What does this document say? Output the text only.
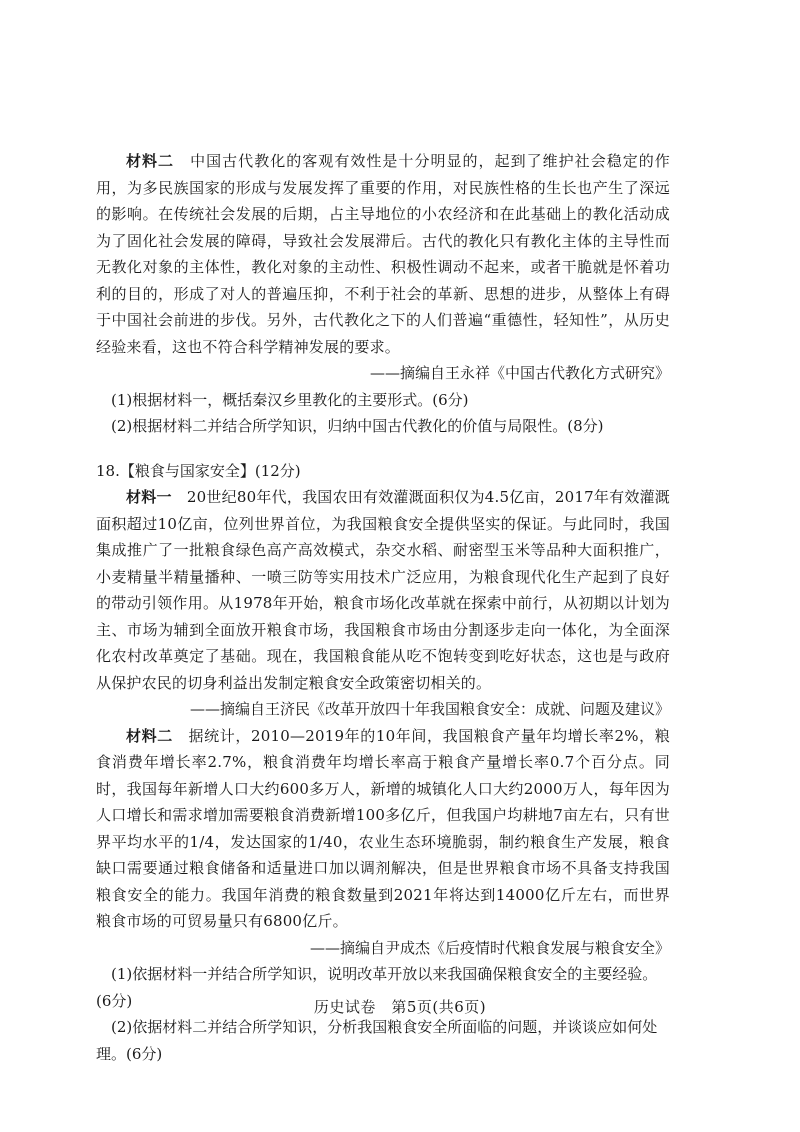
材料二　 中国古代教化的客观有效性是十分明显的，起到了维护社会稳定的作用，为多民族国家的形成与发展发挥了重要的作用，对民族性格的生长也产生了深远的影响。在传统社会发展的后期，占主导地位的小农经济和在此基础上的教化活动成为了固化社会发展的障碍，导致社会发展滞后。古代的教化只有教化主体的主导性而无教化对象的主体性，教化对象的主动性、积极性调动不起来，或者干脆就是怀着功利的目的，形成了对人的普遍压抑，不利于社会的革新、思想的进步，从整体上有碍于中国社会前进的步伐。另外，古代教化之下的人们普遍“重德性，轻知性”，从历史经验来看，这也不符合科学精神发展的要求。

——摘编自王永祥《中国古代教化方式研究》

(1)根据材料一，概括秦汉乡里教化的主要形式。(6分)

(2)根据材料二并结合所学知识，归纳中国古代教化的价值与局限性。(8分)

18.【粮食与国家安全】(12分)

材料一　 20世纪80年代，我国农田有效灌溉面积仅为4.5亿亩，2017年有效灌溉面积超过10亿亩，位列世界首位，为我国粮食安全提供坚实的保证。与此同时，我国集成推广了一批粮食绿色高产高效模式，杂交水稻、耐密型玉米等品种大面积推广，小麦精量半精量播种、一喷三防等实用技术广泛应用，为粮食现代化生产起到了良好的带动引领作用。从1978年开始，粮食市场化改革就在探索中前行，从初期以计划为主、市场为辅到全面放开粮食市场，我国粮食市场由分割逐步走向一体化，为全面深化农村改革奠定了基础。现在，我国粮食能从吃不饱转变到吃好状态，这也是与政府从保护农民的切身利益出发制定粮食安全政策密切相关的。

——摘编自王济民《改革开放四十年我国粮食安全：成就、问题及建议》

材料二　 据统计，2010—2019年的10年间，我国粮食产量年均增长率2%，粮食消费年增长率2.7%，粮食消费年均增长率高于粮食产量增长率0.7个百分点。同时，我国每年新增人口大约600多万人，新增的城镇化人口大约2000万人，每年因为人口增长和需求增加需要粮食消费新增100多亿斤，但我国户均耕地7亩左右，只有世界平均水平的1/4，发达国家的1/40，农业生态环境脆弱，制约粮食生产发展，粮食缺口需要通过粮食储备和适量进口加以调剂解决，但是世界粮食市场不具备支持我国粮食安全的能力。我国年消费的粮食数量到2021年将达到14000亿斤左右，而世界粮食市场的可贸易量只有6800亿斤。

——摘编自尹成杰《后疫情时代粮食发展与粮食安全》

(1)依据材料一并结合所学知识，说明改革开放以来我国确保粮食安全的主要经验。(6分)

(2)依据材料二并结合所学知识，分析我国粮食安全所面临的问题，并谈谈应如何处理。(6分)

历史试卷　第5页(共6页)
